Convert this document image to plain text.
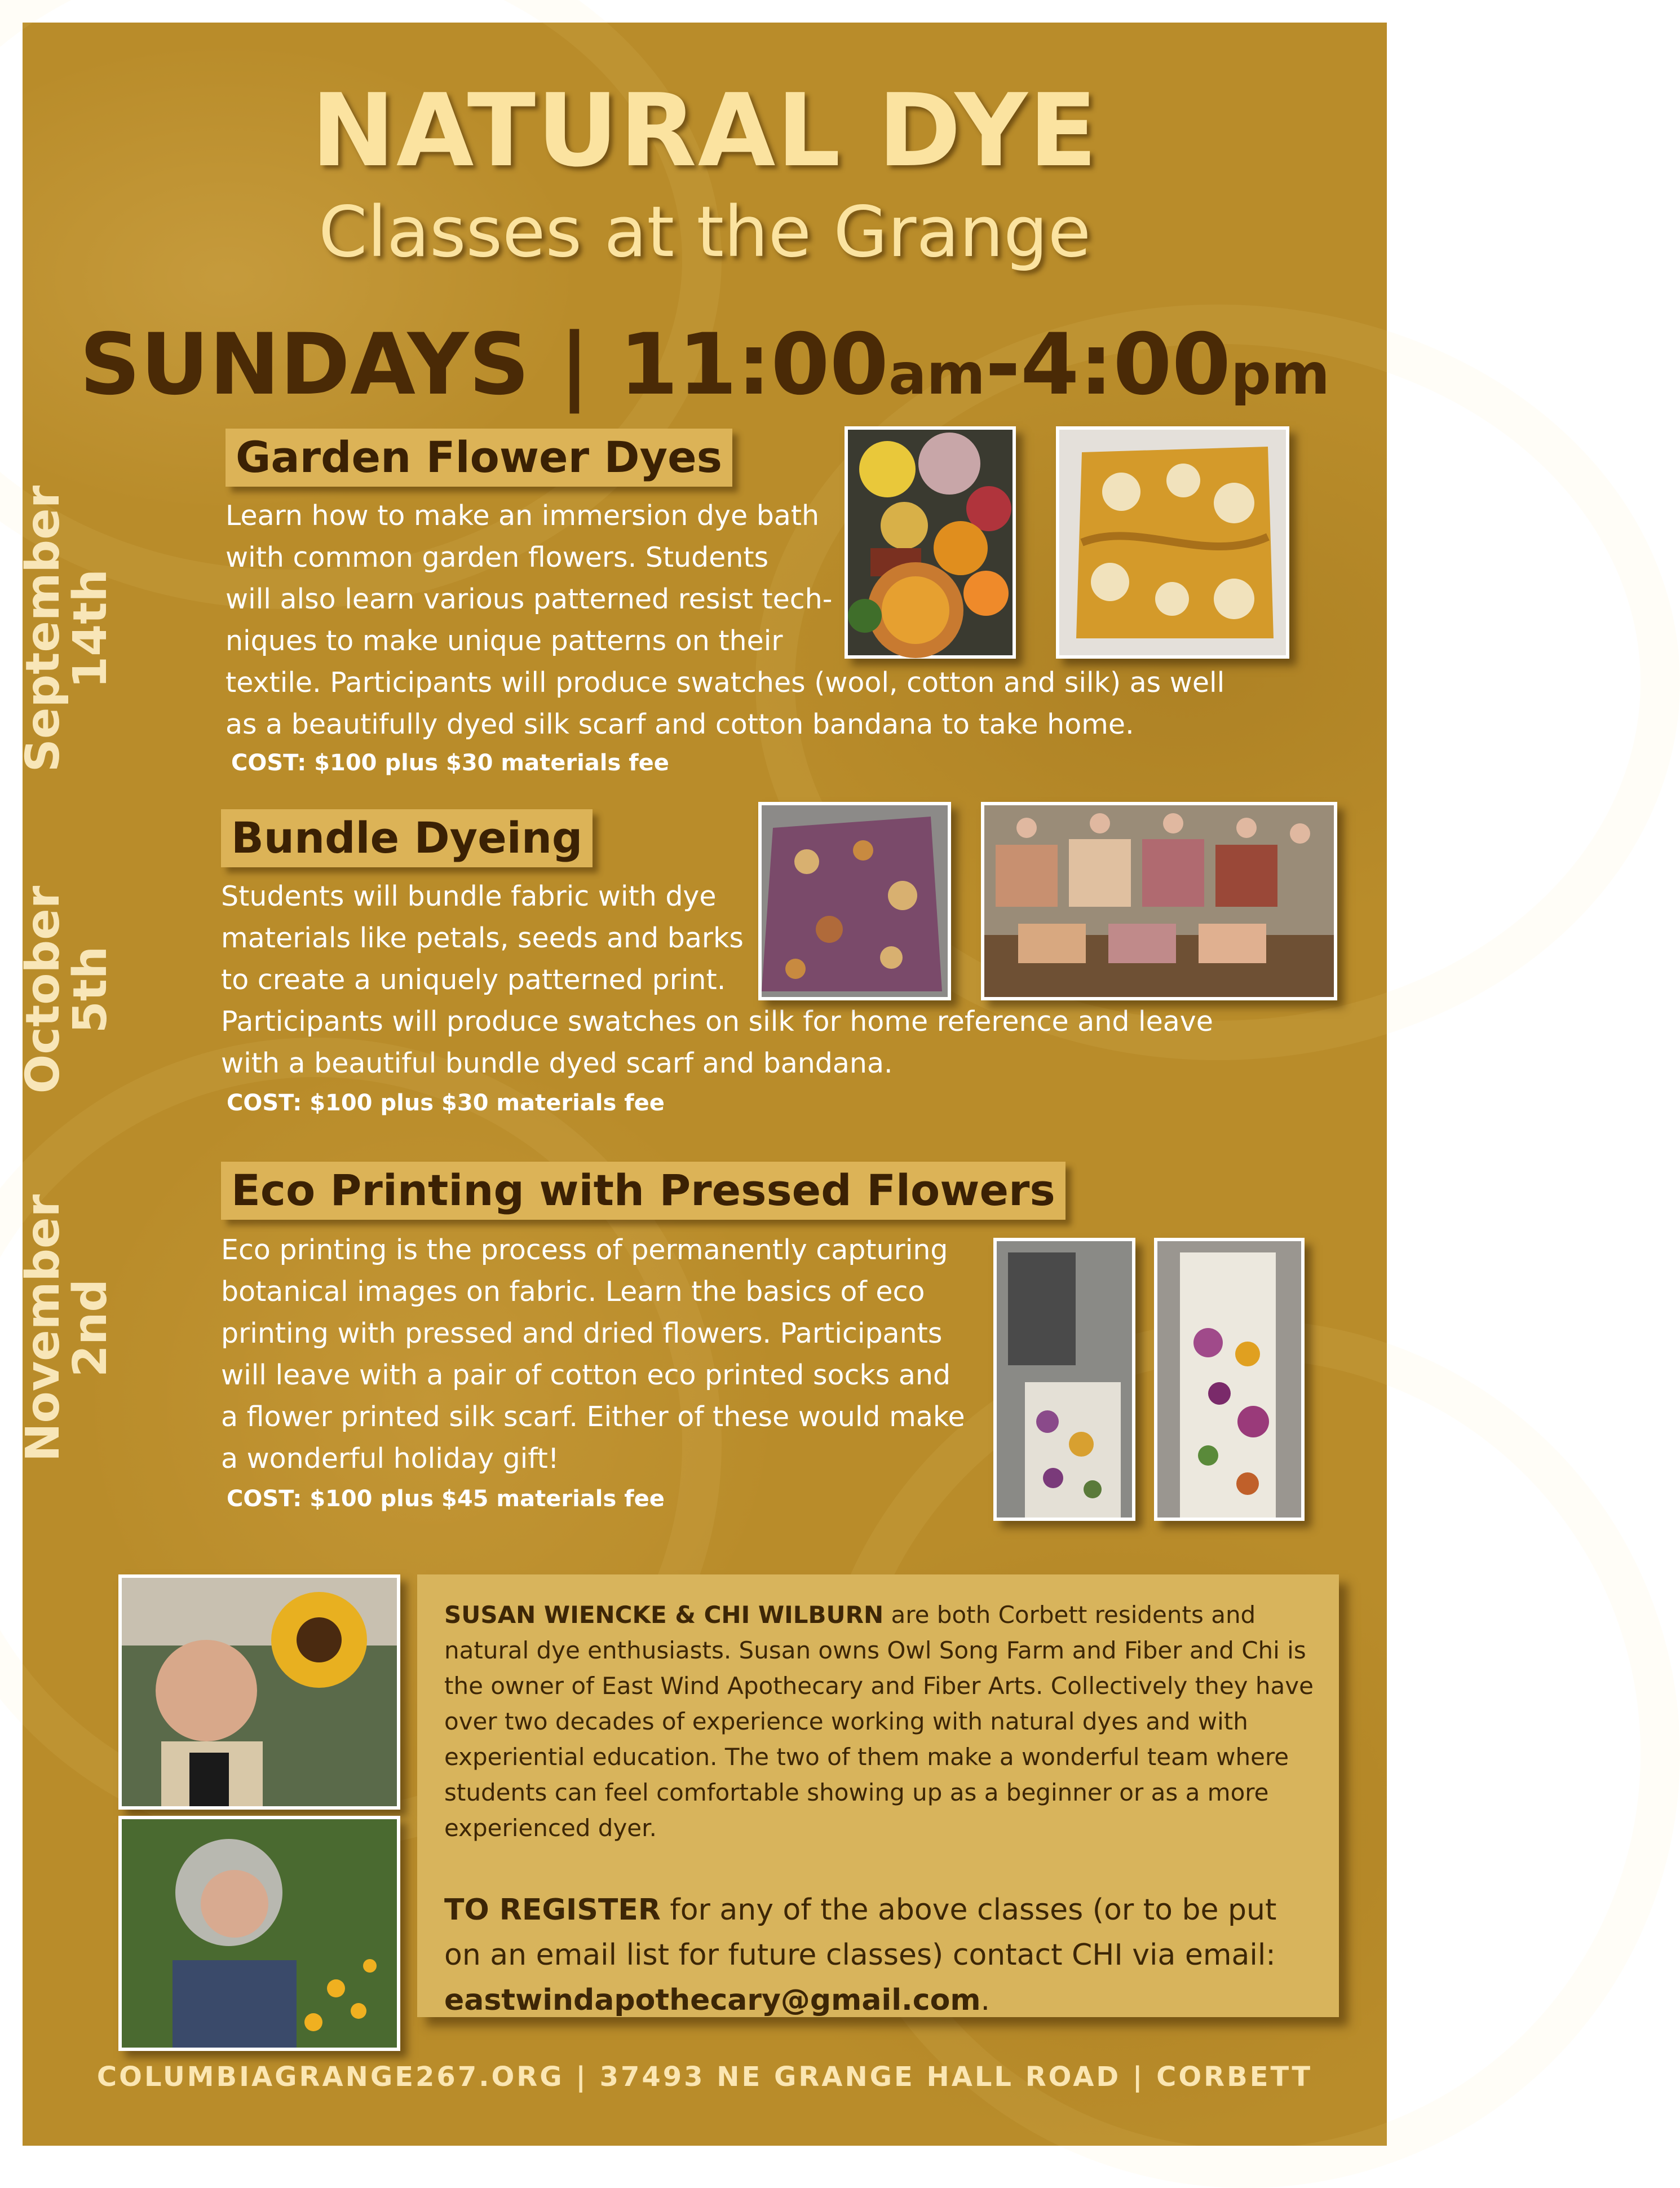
NATURAL DYE
Classes at the Grange
SUNDAYS | 11:00am-4:00pm
September
14th
Garden Flower Dyes
Learn how to make an immersion dye bath
with common garden flowers. Students
will also learn various patterned resist tech-
niques to make unique patterns on their
textile. Participants will produce swatches (wool, cotton and silk) as well
as a beautifully dyed silk scarf and cotton bandana to take home.
COST: $100 plus $30 materials fee
October
5th
Bundle Dyeing
Students will bundle fabric with dye
materials like petals, seeds and barks
to create a uniquely patterned print.
Participants will produce swatches on silk for home reference and leave
with a beautiful bundle dyed scarf and bandana.
COST: $100 plus $30 materials fee
November
2nd
Eco Printing with Pressed Flowers
Eco printing is the process of permanently capturing
botanical images on fabric. Learn the basics of eco
printing with pressed and dried flowers. Participants
will leave with a pair of cotton eco printed socks and
a flower printed silk scarf. Either of these would make
a wonderful holiday gift!
COST: $100 plus $45 materials fee
SUSAN WIENCKE & CHI WILBURN are both Corbett residents and natural dye enthusiasts. Susan owns Owl Song Farm and Fiber and Chi is the owner of East Wind Apothecary and Fiber Arts. Collectively they have over two decades of experience working with natural dyes and with experiential education. The two of them make a wonderful team where students can feel comfortable showing up as a beginner or as a more experienced dyer.
TO REGISTER for any of the above classes (or to be put on an email list for future classes) contact CHI via email: eastwindapothecary@gmail.com.
COLUMBIAGRANGE267.ORG | 37493 NE GRANGE HALL ROAD | CORBETT
